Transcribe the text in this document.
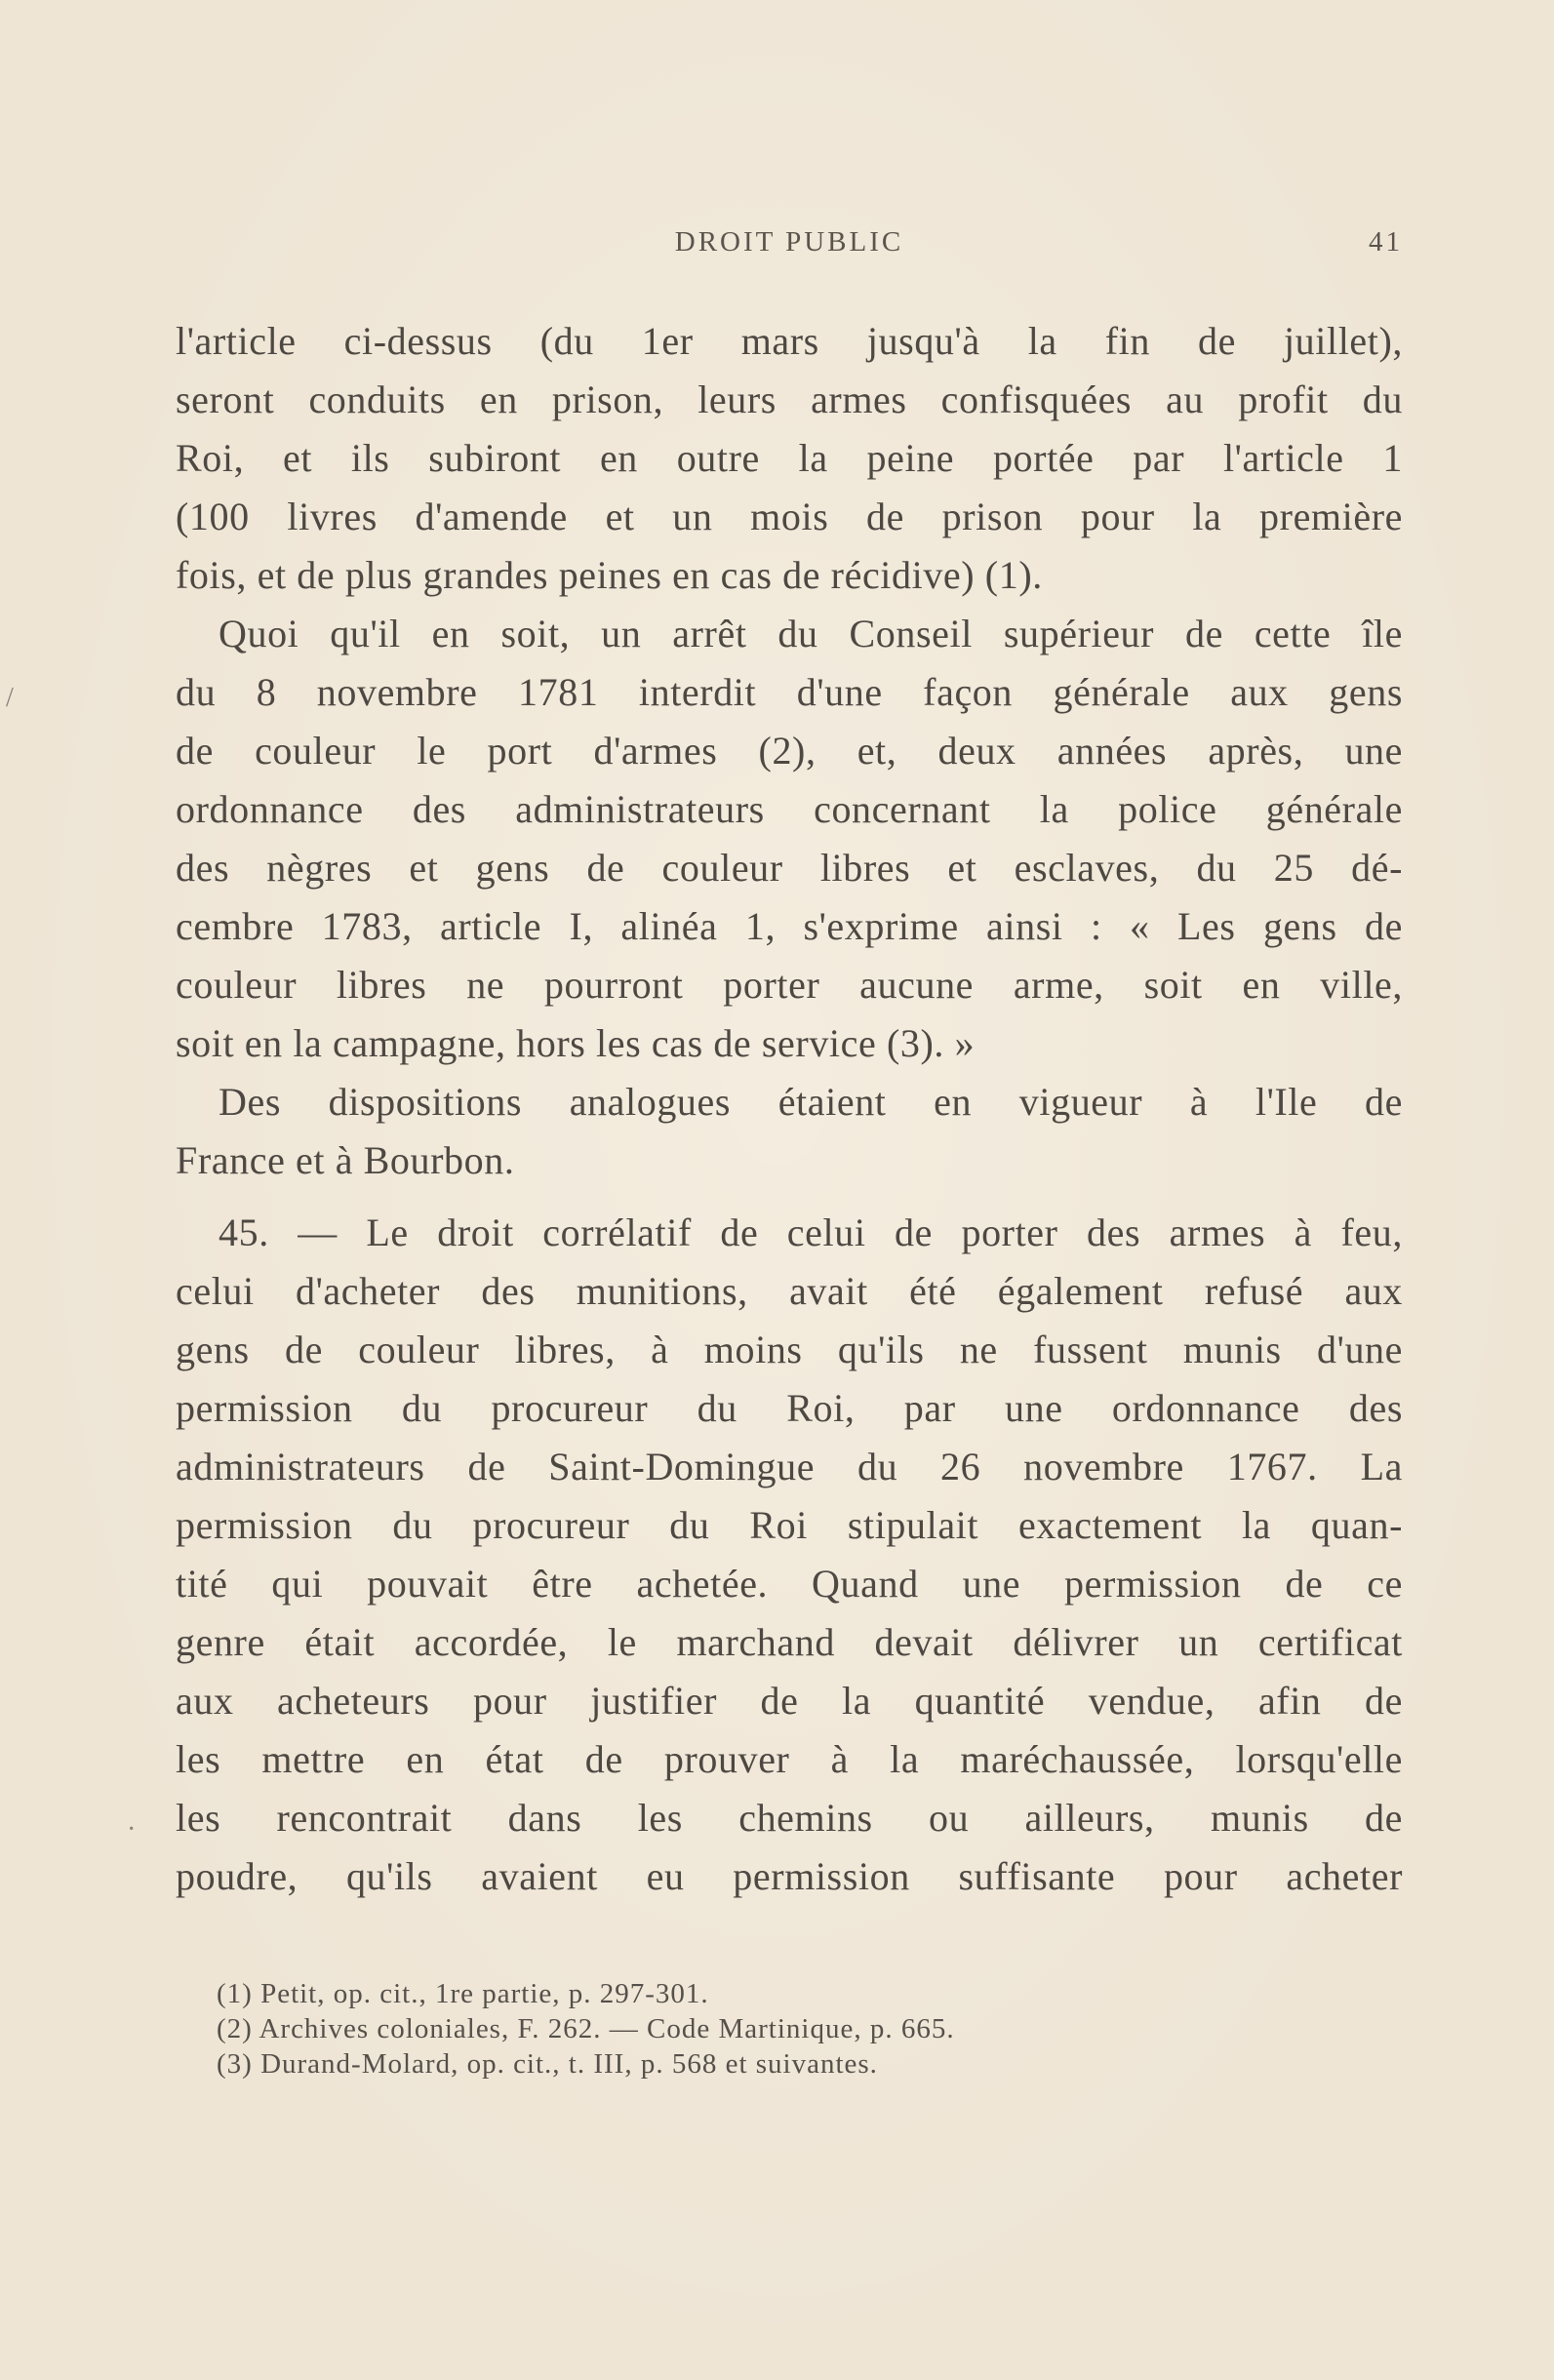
DROIT PUBLIC	41
/
·
l'article ci-dessus (du 1er mars jusqu'à la fin de juillet),
seront conduits en prison, leurs armes confisquées au profit du
Roi, et ils subiront en outre la peine portée par l'article 1
(100 livres d'amende et un mois de prison pour la première
fois, et de plus grandes peines en cas de récidive) (1).
Quoi qu'il en soit, un arrêt du Conseil supérieur de cette île
du 8 novembre 1781 interdit d'une façon générale aux gens
de couleur le port d'armes (2), et, deux années après, une
ordonnance des administrateurs concernant la police générale
des nègres et gens de couleur libres et esclaves, du 25 dé-
cembre 1783, article I, alinéa 1, s'exprime ainsi : « Les gens de
couleur libres ne pourront porter aucune arme, soit en ville,
soit en la campagne, hors les cas de service (3). »
Des dispositions analogues étaient en vigueur à l'Ile de
France et à Bourbon.
45. — Le droit corrélatif de celui de porter des armes à feu,
celui d'acheter des munitions, avait été également refusé aux
gens de couleur libres, à moins qu'ils ne fussent munis d'une
permission du procureur du Roi, par une ordonnance des
administrateurs de Saint-Domingue du 26 novembre 1767. La
permission du procureur du Roi stipulait exactement la quan-
tité qui pouvait être achetée. Quand une permission de ce
genre était accordée, le marchand devait délivrer un certificat
aux acheteurs pour justifier de la quantité vendue, afin de
les mettre en état de prouver à la maréchaussée, lorsqu'elle
les rencontrait dans les chemins ou ailleurs, munis de
poudre, qu'ils avaient eu permission suffisante pour acheter
(1) Petit, op. cit., 1re partie, p. 297-301.
(2) Archives coloniales, F. 262. — Code Martinique, p. 665.
(3) Durand-Molard, op. cit., t. III, p. 568 et suivantes.
